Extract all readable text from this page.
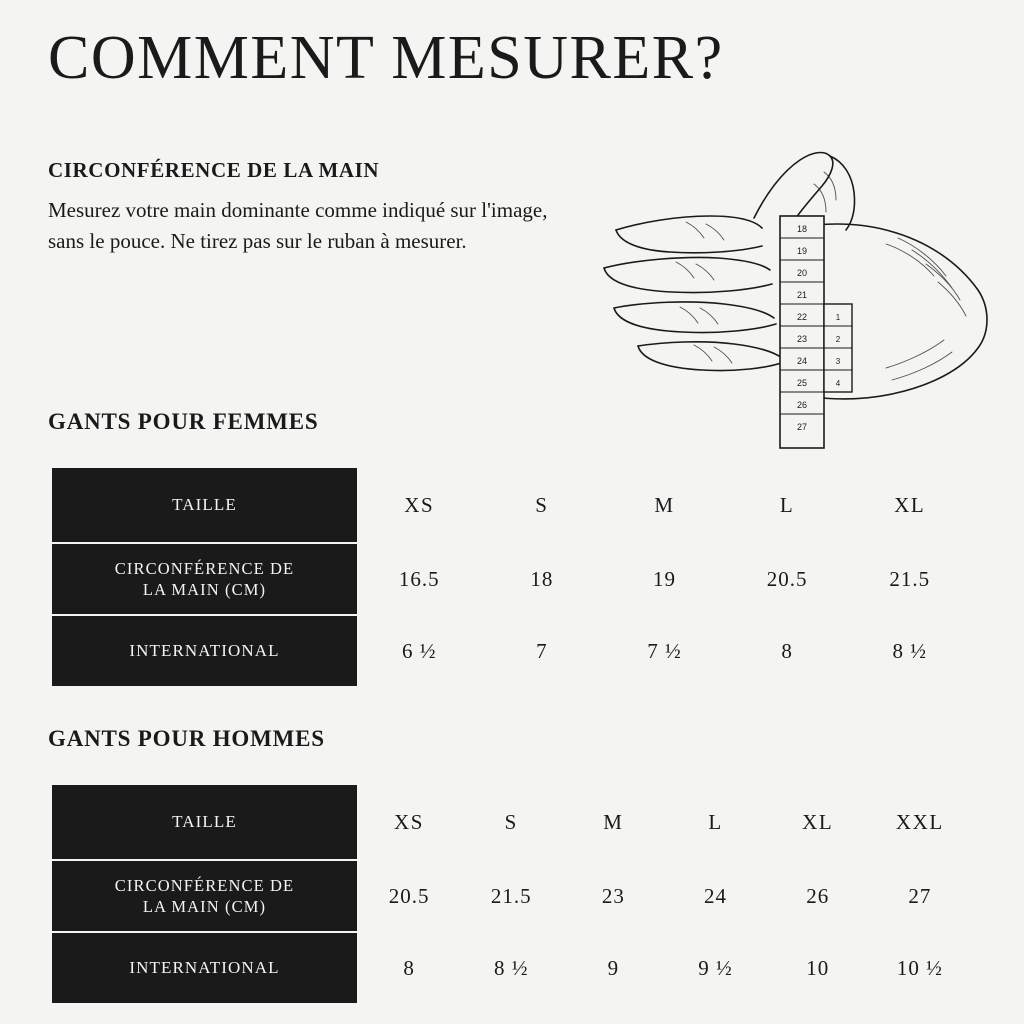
COMMENT MESURER?
CIRCONFÉRENCE DE LA MAIN

Mesurez votre main dominante comme indiqué sur l'image, sans le pouce. Ne tirez pas sur le ruban à mesurer.

18
19
20
21
22
23
24
25
26
27
1
2
3
4
GANTS POUR FEMMES
TAILLE	XS	S	M	L	XL
CIRCONFÉRENCE DE
LA MAIN (CM)	16.5	18	19	20.5	21.5
INTERNATIONAL	6 ½	7	7 ½	8	8 ½
GANTS POUR HOMMES
TAILLE	XS	S	M	L	XL	XXL
CIRCONFÉRENCE DE
LA MAIN (CM)	20.5	21.5	23	24	26	27
INTERNATIONAL	8	8 ½	9	9 ½	10	10 ½
